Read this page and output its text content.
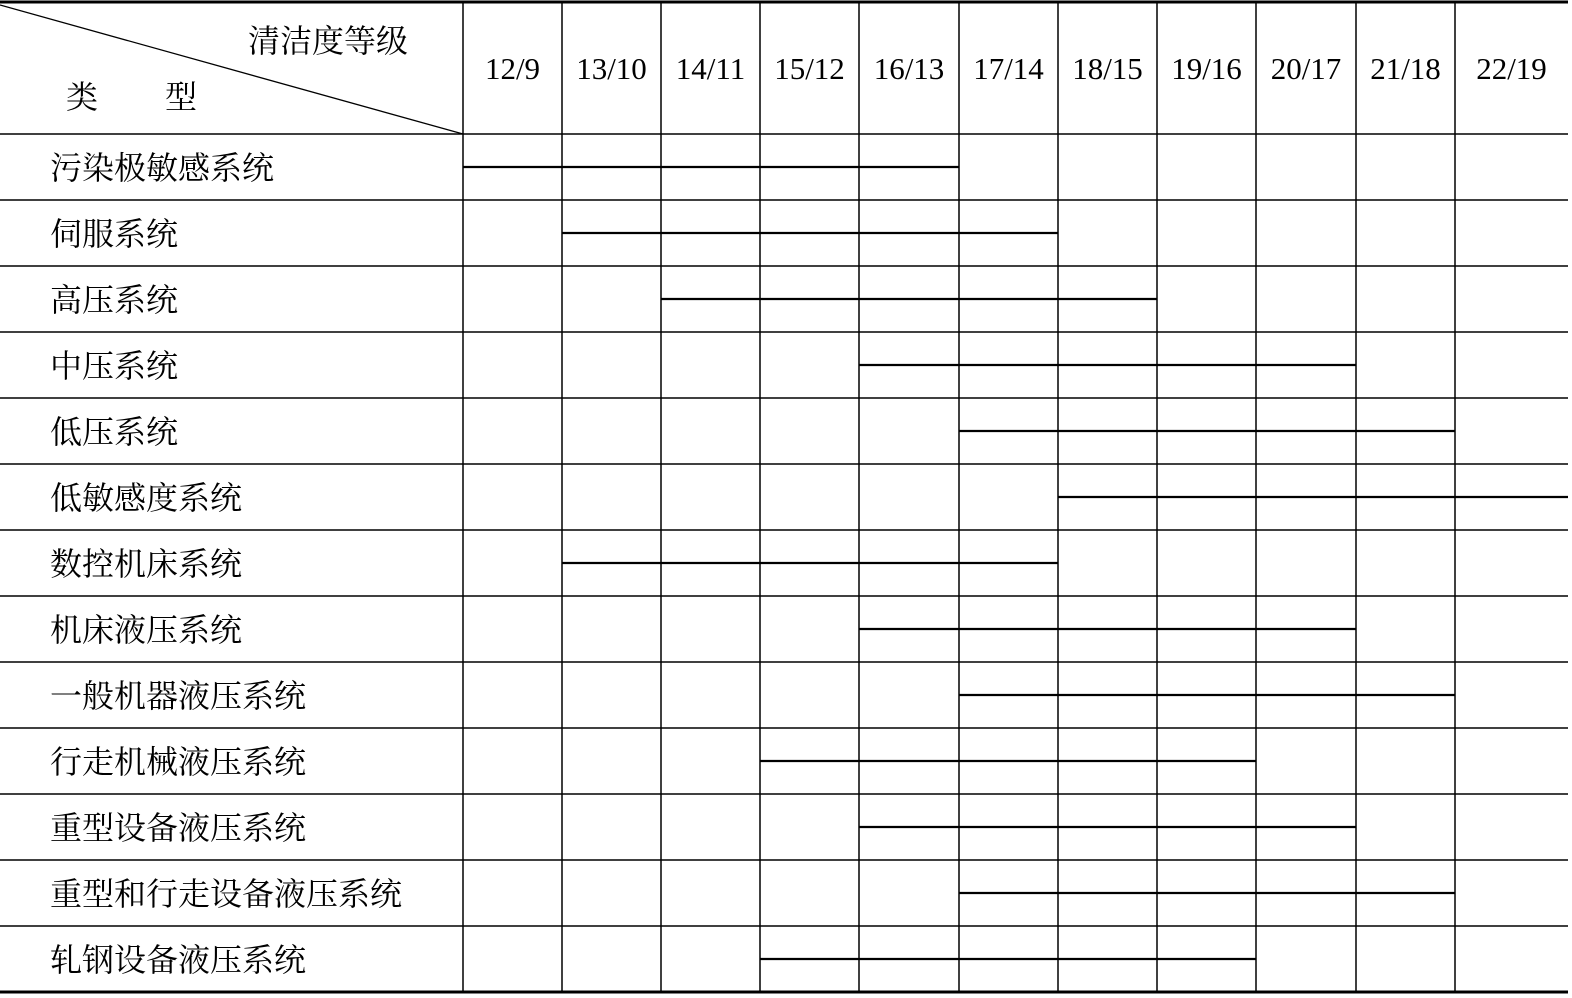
清洁度等级
类 型
12/9	13/10 14/11 15/12 16/13 17/14 18/15 19/16 20/17 21/18	22/19
污染极敏感系统
伺服系统
高压系统
中压系统
低压系统
低敏感度系统
数控机床系统
机床液压系统
一般机器液压系统
行走机械液压系统
重型设备液压系统
重型和行走设备液压系统
轧钢设备液压系统
